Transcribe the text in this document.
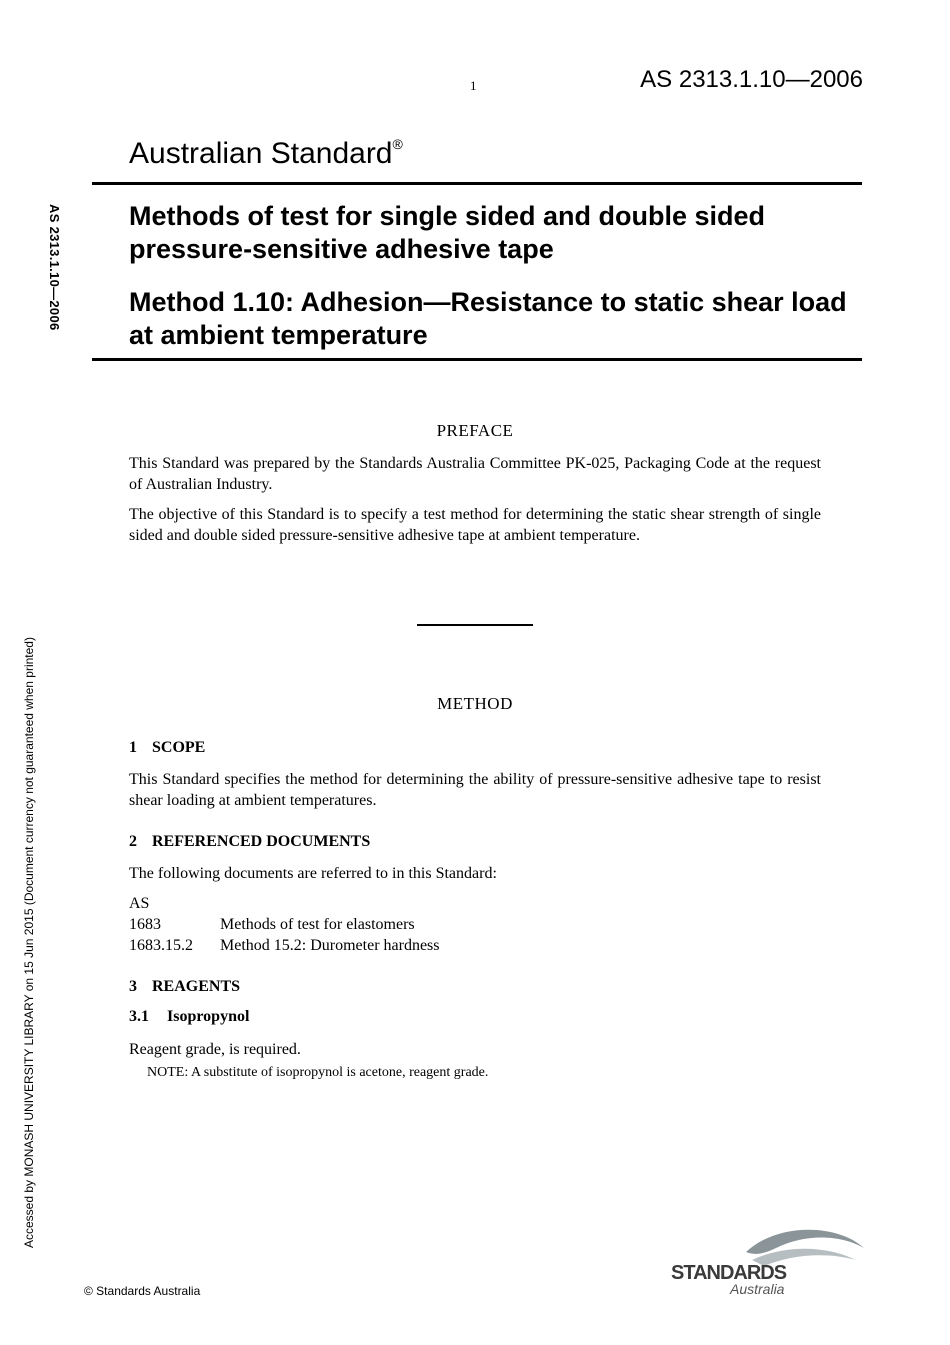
1	AS 2313.1.10—2006
Australian Standard®
Methods of test for single sided and double sided pressure-sensitive adhesive tape
Method 1.10: Adhesion—Resistance to static shear load at ambient temperature
AS 2313.1.10—2006
Accessed by MONASH UNIVERSITY LIBRARY on 15 Jun 2015 (Document currency not guaranteed when printed)
PREFACE
This Standard was prepared by the Standards Australia Committee PK-025, Packaging Code at the request of Australian Industry.
The objective of this Standard is to specify a test method for determining the static shear strength of single sided and double sided pressure-sensitive adhesive tape at ambient temperature.
METHOD
1 SCOPE
This Standard specifies the method for determining the ability of pressure-sensitive adhesive tape to resist shear loading at ambient temperatures.
2 REFERENCED DOCUMENTS
The following documents are referred to in this Standard:
AS
1683	Methods of test for elastomers
1683.15.2 Method 15.2: Durometer hardness
3 REAGENTS
3.1 Isopropynol
Reagent grade, is required.
NOTE: A substitute of isopropynol is acetone, reagent grade.
© Standards Australia
STANDARDS
Australia
